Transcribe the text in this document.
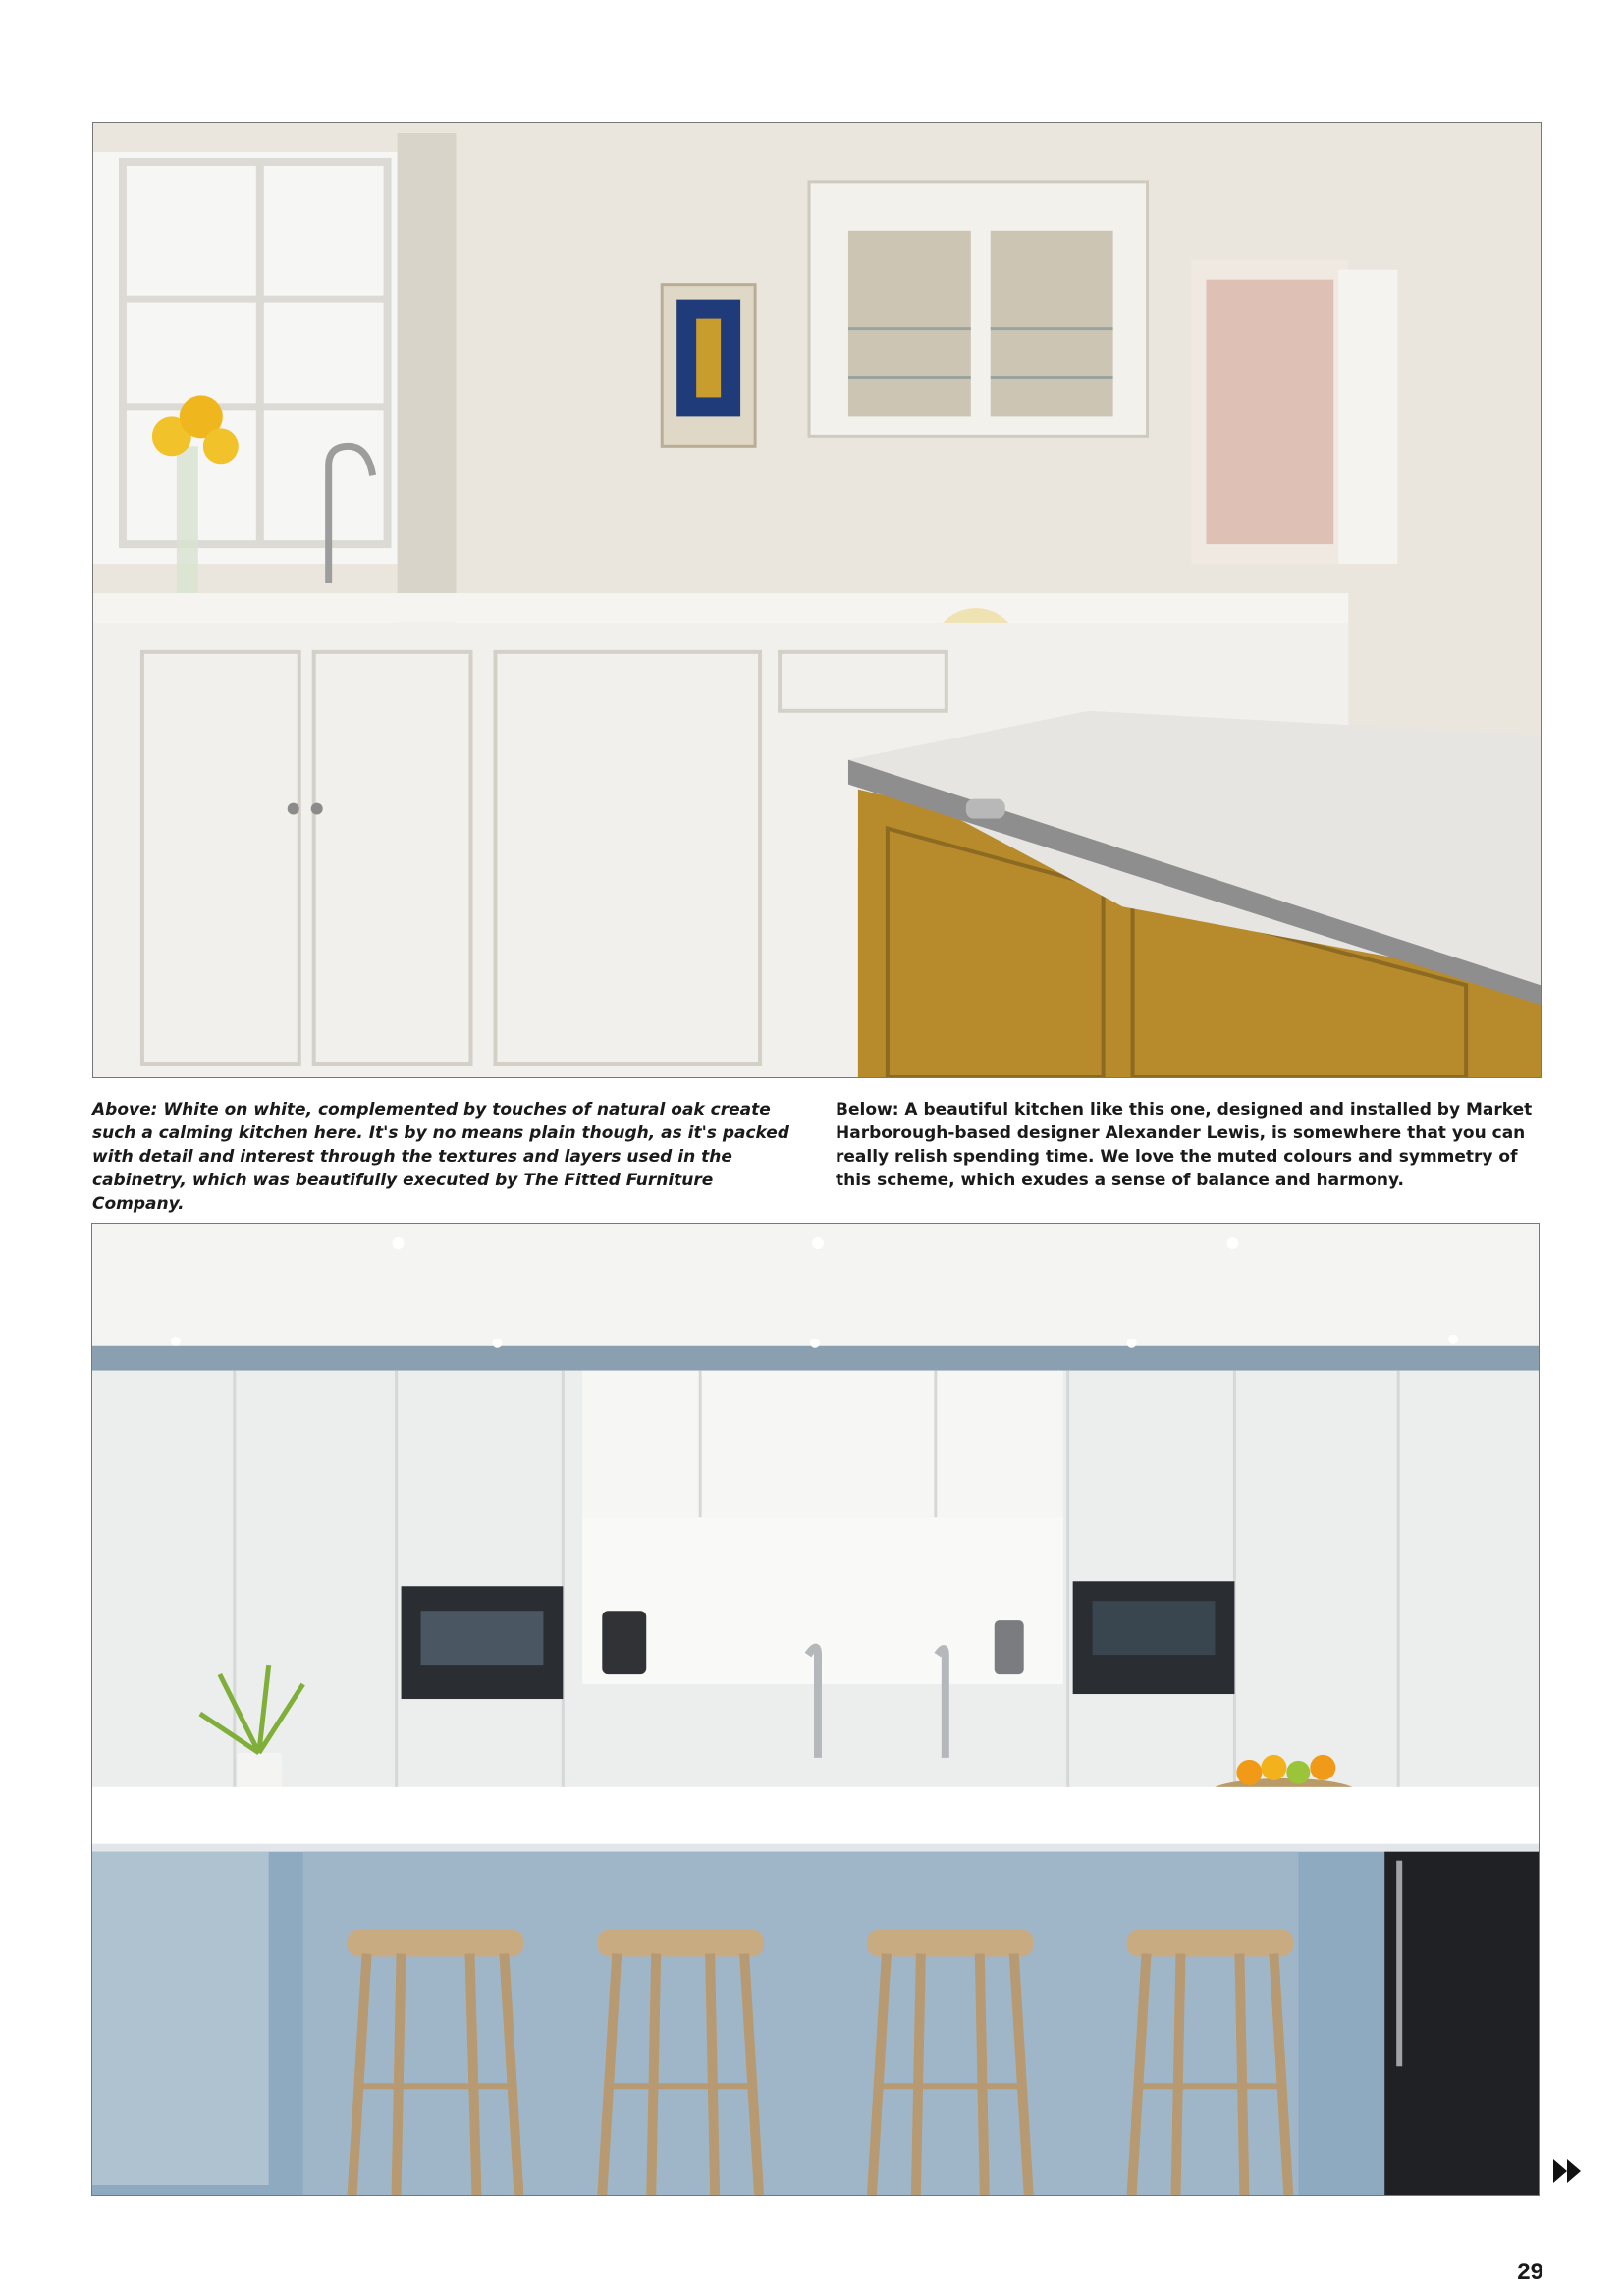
Above: White on white, complemented by touches of natural oak create such a calming kitchen here. It's by no means plain though, as it's packed with detail and interest through the textures and layers used in the cabinetry, which was beautifully executed by The Fitted Furniture Company.
Below: A beautiful kitchen like this one, designed and installed by Market Harborough-based designer Alexander Lewis, is somewhere that you can really relish spending time. We love the muted colours and symmetry of this scheme, which exudes a sense of balance and harmony.
29
